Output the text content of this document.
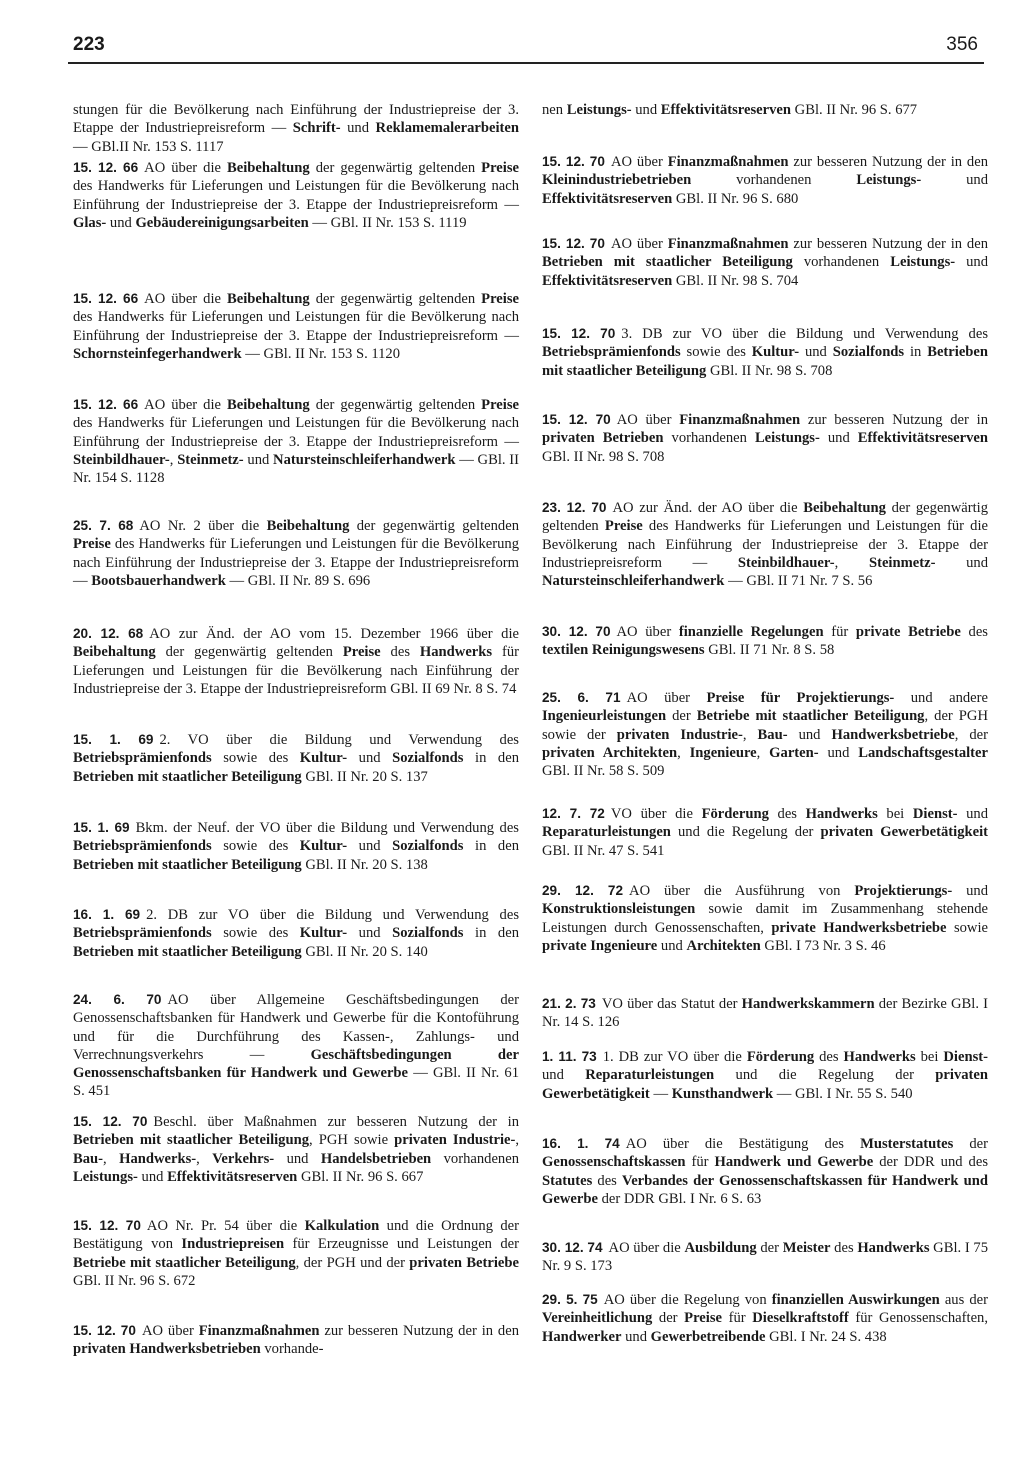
223	356

stungen für die Bevölkerung nach Einführung der Industriepreise der 3. Etappe der Industriepreisreform — Schrift- und Reklamemalerarbeiten — GBl.II Nr. 153 S. 1117

15. 12. 66 AO über die Beibehaltung der gegenwärtig geltenden Preise des Handwerks für Lieferungen und Leistungen für die Bevölkerung nach Einführung der Industriepreise der 3. Etappe der Industriepreisreform — Glas- und Gebäudereinigungsarbeiten — GBl. II Nr. 153 S. 1119

15. 12. 66 AO über die Beibehaltung der gegenwärtig geltenden Preise des Handwerks für Lieferungen und Leistungen für die Bevölkerung nach Einführung der Industriepreise der 3. Etappe der Industriepreisreform — Schornsteinfegerhandwerk — GBl. II Nr. 153 S. 1120

15. 12. 66 AO über die Beibehaltung der gegenwärtig geltenden Preise des Handwerks für Lieferungen und Leistungen für die Bevölkerung nach Einführung der Industriepreise der 3. Etappe der Industriepreisreform — Steinbildhauer-, Steinmetz- und Natursteinschleiferhandwerk — GBl. II Nr. 154 S. 1128

25. 7. 68 AO Nr. 2 über die Beibehaltung der gegenwärtig geltenden Preise des Handwerks für Lieferungen und Leistungen für die Bevölkerung nach Einführung der Industriepreise der 3. Etappe der Industriepreisreform — Bootsbauerhandwerk — GBl. II Nr. 89 S. 696

20. 12. 68 AO zur Änd. der AO vom 15. Dezember 1966 über die Beibehaltung der gegenwärtig geltenden Preise des Handwerks für Lieferungen und Leistungen für die Bevölkerung nach Einführung der Industriepreise der 3. Etappe der Industriepreisreform GBl. II 69 Nr. 8 S. 74

15. 1. 69 2. VO über die Bildung und Verwendung des Betriebsprämienfonds sowie des Kultur- und Sozialfonds in den Betrieben mit staatlicher Beteiligung GBl. II Nr. 20 S. 137

15. 1. 69 Bkm. der Neuf. der VO über die Bildung und Verwendung des Betriebsprämienfonds sowie des Kultur- und Sozialfonds in den Betrieben mit staatlicher Beteiligung GBl. II Nr. 20 S. 138

16. 1. 69 2. DB zur VO über die Bildung und Verwendung des Betriebsprämienfonds sowie des Kultur- und Sozialfonds in den Betrieben mit staatlicher Beteiligung GBl. II Nr. 20 S. 140

24. 6. 70 AO über Allgemeine Geschäftsbedingungen der Genossenschaftsbanken für Handwerk und Gewerbe für die Kontoführung und für die Durchführung des Kassen-, Zahlungs- und Verrechnungsverkehrs — Geschäftsbedingungen der Genossenschaftsbanken für Handwerk und Gewerbe — GBl. II Nr. 61 S. 451

15. 12. 70 Beschl. über Maßnahmen zur besseren Nutzung der in Betrieben mit staatlicher Beteiligung, PGH sowie privaten Industrie-, Bau-, Handwerks-, Verkehrs- und Handelsbetrieben vorhandenen Leistungs- und Effektivitätsreserven GBl. II Nr. 96 S. 667

15. 12. 70 AO Nr. Pr. 54 über die Kalkulation und die Ordnung der Bestätigung von Industriepreisen für Erzeugnisse und Leistungen der Betriebe mit staatlicher Beteiligung, der PGH und der privaten Betriebe GBl. II Nr. 96 S. 672

15. 12. 70 AO über Finanzmaßnahmen zur besseren Nutzung der in den privaten Handwerksbetrieben vorhande-

nen Leistungs- und Effektivitätsreserven GBl. II Nr. 96 S. 677

15. 12. 70 AO über Finanzmaßnahmen zur besseren Nutzung der in den Kleinindustriebetrieben vorhandenen Leistungs- und Effektivitätsreserven GBl. II Nr. 96 S. 680

15. 12. 70 AO über Finanzmaßnahmen zur besseren Nutzung der in den Betrieben mit staatlicher Beteiligung vorhandenen Leistungs- und Effektivitätsreserven GBl. II Nr. 98 S. 704

15. 12. 70 3. DB zur VO über die Bildung und Verwendung des Betriebsprämienfonds sowie des Kultur- und Sozialfonds in Betrieben mit staatlicher Beteiligung GBl. II Nr. 98 S. 708

15. 12. 70 AO über Finanzmaßnahmen zur besseren Nutzung der in privaten Betrieben vorhandenen Leistungs- und Effektivitätsreserven GBl. II Nr. 98 S. 708

23. 12. 70 AO zur Änd. der AO über die Beibehaltung der gegenwärtig geltenden Preise des Handwerks für Lieferungen und Leistungen für die Bevölkerung nach Einführung der Industriepreise der 3. Etappe der Industriepreisreform — Steinbildhauer-, Steinmetz- und Natursteinschleiferhandwerk — GBl. II 71 Nr. 7 S. 56

30. 12. 70 AO über finanzielle Regelungen für private Betriebe des textilen Reinigungswesens GBl. II 71 Nr. 8 S. 58

25. 6. 71 AO über Preise für Projektierungs- und andere Ingenieurleistungen der Betriebe mit staatlicher Beteiligung, der PGH sowie der privaten Industrie-, Bau- und Handwerksbetriebe, der privaten Architekten, Ingenieure, Garten- und Landschaftsgestalter GBl. II Nr. 58 S. 509

12. 7. 72 VO über die Förderung des Handwerks bei Dienst- und Reparaturleistungen und die Regelung der privaten Gewerbetätigkeit GBl. II Nr. 47 S. 541

29. 12. 72 AO über die Ausführung von Projektierungs- und Konstruktionsleistungen sowie damit im Zusammenhang stehende Leistungen durch Genossenschaften, private Handwerksbetriebe sowie private Ingenieure und Architekten GBl. I 73 Nr. 3 S. 46

21. 2. 73 VO über das Statut der Handwerkskammern der Bezirke GBl. I Nr. 14 S. 126

1. 11. 73 1. DB zur VO über die Förderung des Handwerks bei Dienst- und Reparaturleistungen und die Regelung der privaten Gewerbetätigkeit — Kunsthandwerk — GBl. I Nr. 55 S. 540

16. 1. 74 AO über die Bestätigung des Musterstatutes der Genossenschaftskassen für Handwerk und Gewerbe der DDR und des Statutes des Verbandes der Genossenschaftskassen für Handwerk und Gewerbe der DDR GBl. I Nr. 6 S. 63

30. 12. 74 AO über die Ausbildung der Meister des Handwerks GBl. I 75 Nr. 9 S. 173

29. 5. 75 AO über die Regelung von finanziellen Auswirkungen aus der Vereinheitlichung der Preise für Dieselkraftstoff für Genossenschaften, Handwerker und Gewerbetreibende GBl. I Nr. 24 S. 438
